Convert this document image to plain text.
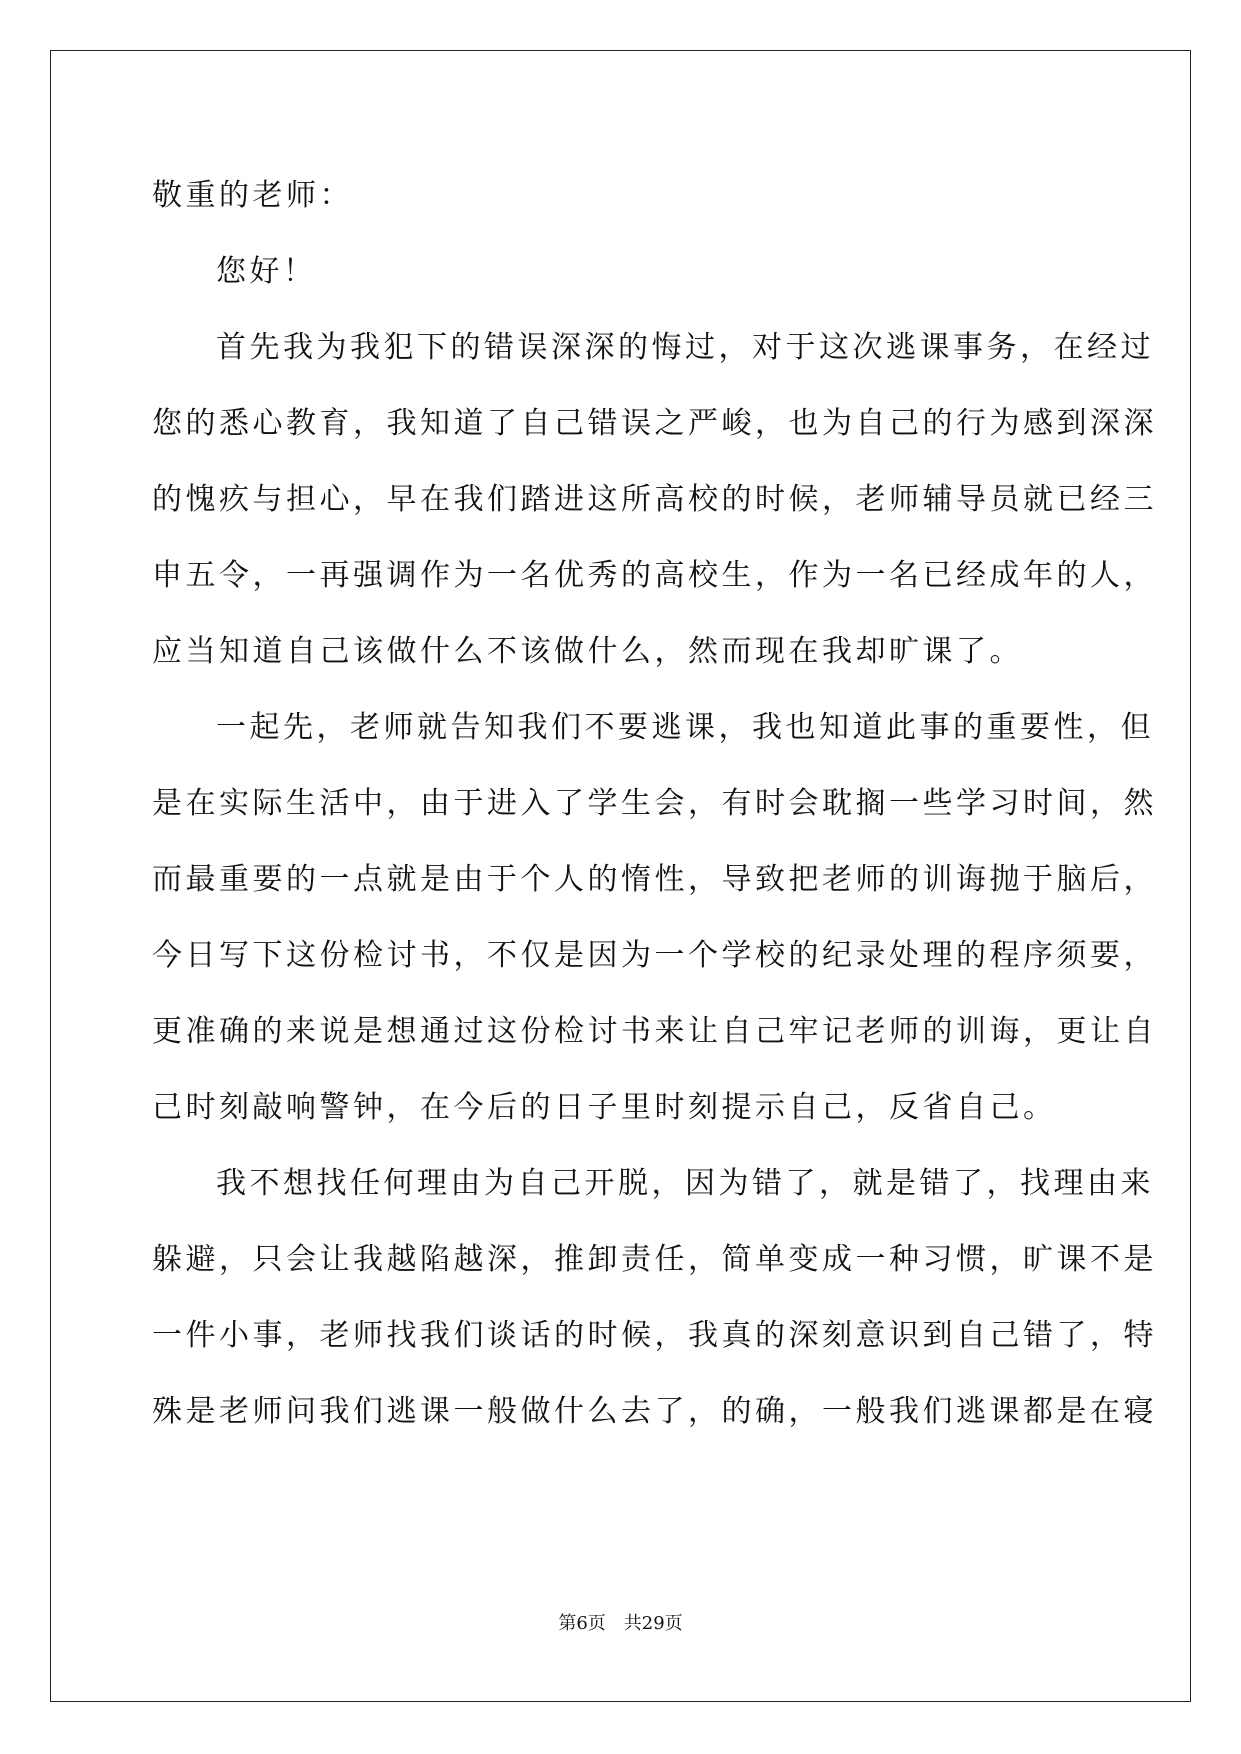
敬重的老师：
您好！
首先我为我犯下的错误深深的悔过，对于这次逃课事务，在经过
您的悉心教育，我知道了自己错误之严峻，也为自己的行为感到深深
的愧疚与担心，早在我们踏进这所高校的时候，老师辅导员就已经三
申五令，一再强调作为一名优秀的高校生，作为一名已经成年的人，
应当知道自己该做什么不该做什么，然而现在我却旷课了。
一起先，老师就告知我们不要逃课，我也知道此事的重要性，但
是在实际生活中，由于进入了学生会，有时会耽搁一些学习时间，然
而最重要的一点就是由于个人的惰性，导致把老师的训诲抛于脑后，
今日写下这份检讨书，不仅是因为一个学校的纪录处理的程序须要，
更准确的来说是想通过这份检讨书来让自己牢记老师的训诲，更让自
己时刻敲响警钟，在今后的日子里时刻提示自己，反省自己。
我不想找任何理由为自己开脱，因为错了，就是错了，找理由来
躲避，只会让我越陷越深，推卸责任，简单变成一种习惯，旷课不是
一件小事，老师找我们谈话的时候，我真的深刻意识到自己错了，特
殊是老师问我们逃课一般做什么去了，的确，一般我们逃课都是在寝
第6页 共29页
